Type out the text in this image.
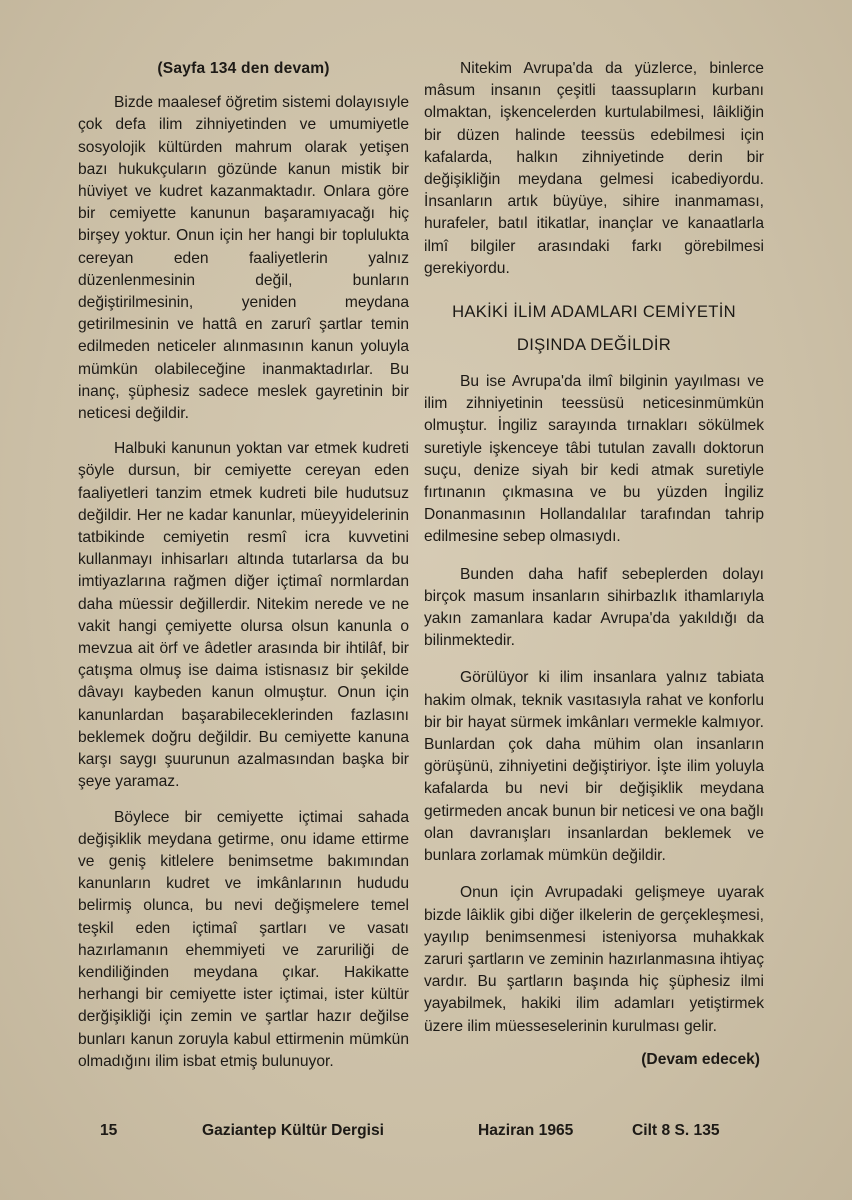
(Sayfa 134 den devam)

Bizde maalesef öğretim sistemi dolayısıyle çok defa ilim zihniyetinden ve umumiyetle sosyolojik kültürden mahrum olarak yetişen bazı hukukçuların gözünde kanun mistik bir hüviyet ve kudret kazanmaktadır. Onlara göre bir cemiyette kanunun başaramıyacağı hiç birşey yoktur. Onun için her hangi bir toplulukta cereyan eden faaliyetlerin yalnız düzenlenmesinin değil, bunların değiştirilmesinin, yeniden meydana getirilmesinin ve hattâ en zarurî şartlar temin edilmeden neticeler alınmasının kanun yoluyla mümkün olabileceğine inanmaktadırlar. Bu inanç, şüphesiz sadece meslek gayretinin bir neticesi değildir.

Halbuki kanunun yoktan var etmek kudreti şöyle dursun, bir cemiyette cereyan eden faaliyetleri tanzim etmek kudreti bile hudutsuz değildir. Her ne kadar kanunlar, müeyyidelerinin tatbikinde cemiyetin resmî icra kuvvetini kullanmayı inhisarları altında tutarlarsa da bu imtiyazlarına rağmen diğer içtimaî normlardan daha müessir değillerdir. Nitekim nerede ve ne vakit hangi çemiyette olursa olsun kanunla o mevzua ait örf ve âdetler arasında bir ihtilâf, bir çatışma olmuş ise daima istisnasız bir şekilde dâvayı kaybeden kanun olmuştur. Onun için kanunlardan başarabileceklerinden fazlasını beklemek doğru değildir. Bu cemiyette kanuna karşı saygı şuurunun azalmasından başka bir şeye yaramaz.

Böylece bir cemiyette içtimai sahada değişiklik meydana getirme, onu idame ettirme ve geniş kitlelere benimsetme bakımından kanunların kudret ve imkânlarının hududu belirmiş olunca, bu nevi değişmelere temel teşkil eden içtimaî şartları ve vasatı hazırlamanın ehemmiyeti ve zaruriliği de kendiliğinden meydana çıkar. Hakikatte herhangi bir cemiyette ister içtimai, ister kültür derğişikliği için zemin ve şartlar hazır değilse bunları kanun zoruyla kabul ettirmenin mümkün olmadığını ilim isbat etmiş bulunuyor.

Nitekim Avrupa'da da yüzlerce, binlerce mâsum insanın çeşitli taassupların kurbanı olmaktan, işkencelerden kurtulabilmesi, lâikliğin bir düzen halinde teessüs edebilmesi için kafalarda, halkın zihniyetinde derin bir değişikliğin meydana gelmesi icabediyordu. İnsanların artık büyüye, sihire inanmaması, hurafeler, batıl itikatlar, inançlar ve kanaatlarla ilmî bilgiler arasındaki farkı görebilmesi gerekiyordu.

HAKİKİ İLİM ADAMLARI CEMİYETİN
DIŞINDA DEĞİLDİR

Bu ise Avrupa'da ilmî bilginin yayılması ve ilim zihniyetinin teessüsü neticesinmümkün olmuştur. İngiliz sarayında tırnakları sökülmek suretiyle işkenceye tâbi tutulan zavallı doktorun suçu, denize siyah bir kedi atmak suretiyle fırtınanın çıkmasına ve bu yüzden İngiliz Donanmasının Hollandalılar tarafından tahrip edilmesine sebep olmasıydı.

Bunden daha hafif sebeplerden dolayı birçok masum insanların sihirbazlık ithamlarıyla yakın zamanlara kadar Avrupa'da yakıldığı da bilinmektedir.

Görülüyor ki ilim insanlara yalnız tabiata hakim olmak, teknik vasıtasıyla rahat ve konforlu bir bir hayat sürmek imkânları vermekle kalmıyor. Bunlardan çok daha mühim olan insanların görüşünü, zihniyetini değiştiriyor. İşte ilim yoluyla kafalarda bu nevi bir değişiklik meydana getirmeden ancak bunun bir neticesi ve ona bağlı olan davranışları insanlardan beklemek ve bunlara zorlamak mümkün değildir.

Onun için Avrupadaki gelişmeye uyarak bizde lâiklik gibi diğer ilkelerin de gerçekleşmesi, yayılıp benimsenmesi isteniyorsa muhakkak zaruri şartların ve zeminin hazırlanmasına ihtiyaç vardır. Bu şartların başında hiç şüphesiz ilmi yayabilmek, hakiki ilim adamları yetiştirmek üzere ilim müesseselerinin kurulması gelir.

(Devam edecek)
15	Gaziantep Kültür Dergisi	Haziran 1965	Cilt 8 S. 135
